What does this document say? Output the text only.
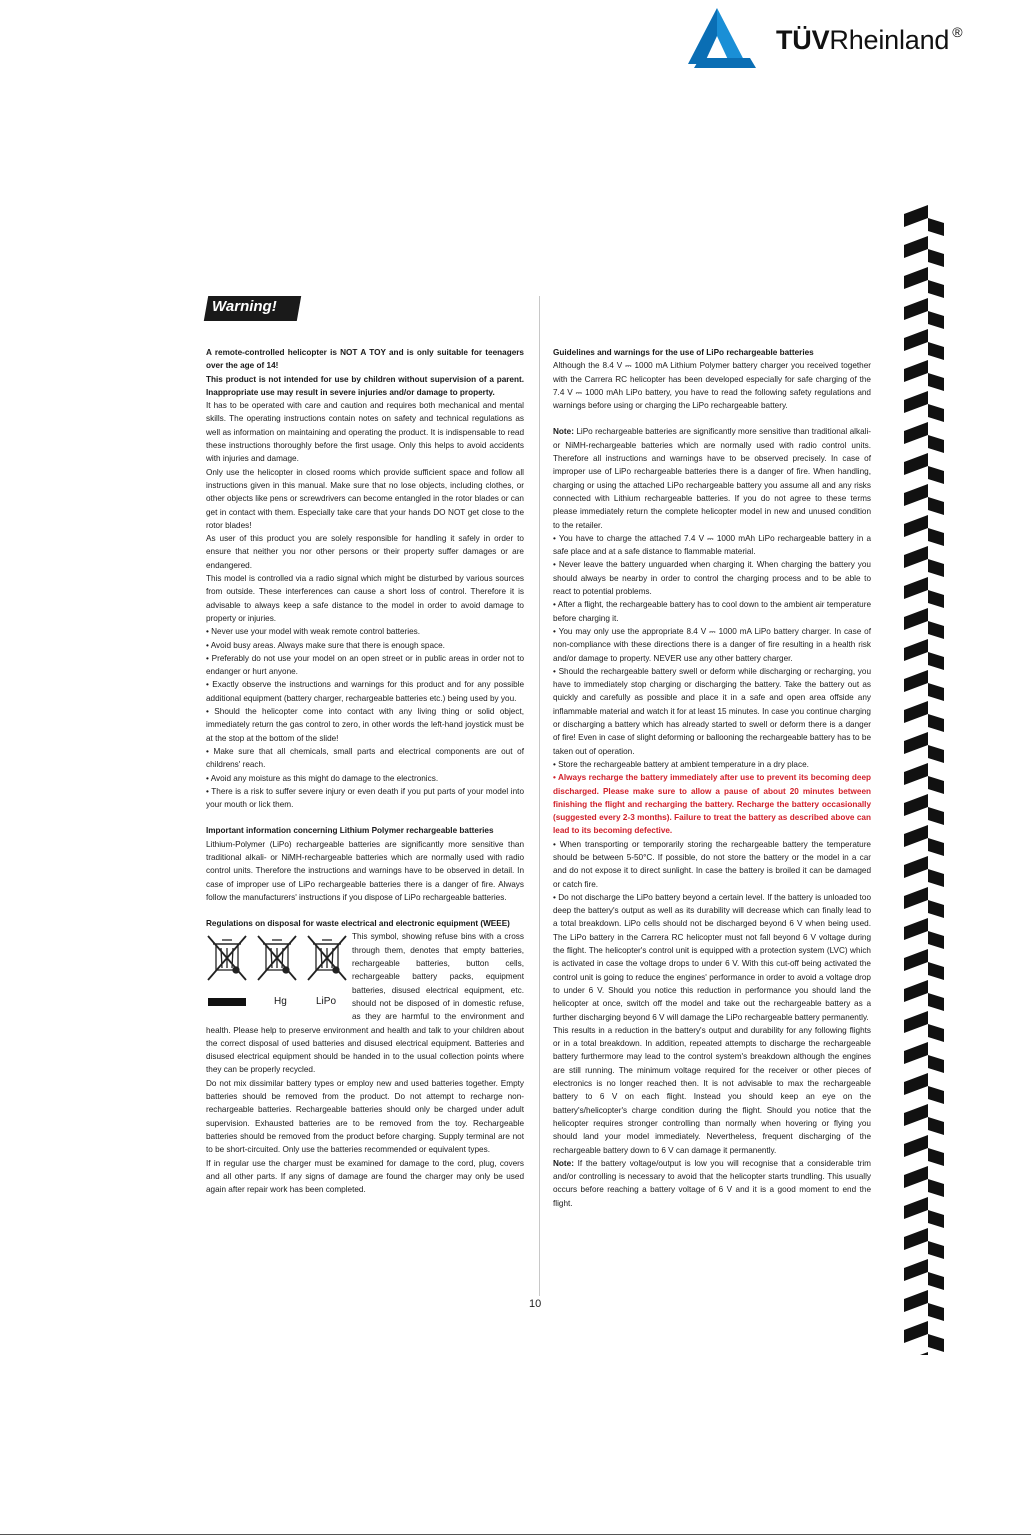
TÜVRheinland ®
Warning!

A remote-controlled helicopter is NOT A TOY and is only suitable for teenagers over the age of 14!

This product is not intended for use by children without supervision of a parent. Inappropriate use may result in severe injuries and/or damage to property.

It has to be operated with care and caution and requires both mechanical and mental skills. The operating instructions contain notes on safety and technical regulations as well as information on maintaining and operating the product. It is indispensable to read these instructions thoroughly before the first usage. Only this helps to avoid accidents with injuries and damage.

Only use the helicopter in closed rooms which provide sufficient space and follow all instructions given in this manual. Make sure that no lose objects, including clothes, or other objects like pens or screwdrivers can become entangled in the rotor blades or can get in contact with them. Especially take care that your hands DO NOT get close to the rotor blades!

As user of this product you are solely responsible for handling it safely in order to ensure that neither you nor other persons or their property suffer damages or are endangered.

This model is controlled via a radio signal which might be disturbed by various sources from outside. These interferences can cause a short loss of control. Therefore it is advisable to always keep a safe distance to the model in order to avoid damage to property or injuries.

• Never use your model with weak remote control batteries.

• Avoid busy areas. Always make sure that there is enough space.

• Preferably do not use your model on an open street or in public areas in order not to endanger or hurt anyone.

• Exactly observe the instructions and warnings for this product and for any possible additional equipment (battery charger, rechargeable batteries etc.) being used by you.

• Should the helicopter come into contact with any living thing or solid object, immediately return the gas control to zero, in other words the left-hand joystick must be at the stop at the bottom of the slide!

• Make sure that all chemicals, small parts and electrical components are out of childrens' reach.

• Avoid any moisture as this might do damage to the electronics.

• There is a risk to suffer severe injury or even death if you put parts of your model into your mouth or lick them.

Important information concerning Lithium Polymer rechargeable batteries

Lithium-Polymer (LiPo) rechargeable batteries are significantly more sensitive than traditional alkali- or NiMH-rechargeable batteries which are normally used with radio control units. Therefore the instructions and warnings have to be observed in detail. In case of improper use of LiPo rechargeable batteries there is a danger of fire. Always follow the manufacturers' instructions if you dispose of LiPo rechargeable batteries.

Regulations on disposal for waste electrical and electronic equipment (WEEE)

Hg	LiPo

This symbol, showing refuse bins with a cross through them, denotes that empty batteries, rechargeable batteries, button cells, rechargeable battery packs, equipment batteries, disused electrical equipment, etc. should not be disposed of in domestic refuse, as they are harmful to the environment and health. Please help to preserve environment and health and talk to your children about the correct disposal of used batteries and disused electrical equipment. Batteries and disused electrical equipment should be handed in to the usual collection points where they can be properly recycled.

Do not mix dissimilar battery types or employ new and used batteries together. Empty batteries should be removed from the product. Do not attempt to recharge non-rechargeable batteries. Rechargeable batteries should only be charged under adult supervision. Exhausted batteries are to be removed from the toy. Rechargeable batteries should be removed from the product before charging. Supply terminal are not to be short-circuited. Only use the batteries recommended or equivalent types.

If in regular use the charger must be examined for damage to the cord, plug, covers and all other parts. If any signs of damage are found the charger may only be used again after repair work has been completed.

Guidelines and warnings for the use of LiPo rechargeable batteries

Although the 8.4 V ⎓ 1000 mA Lithium Polymer battery charger you received together with the Carrera RC helicopter has been developed especially for safe charging of the 7.4 V ⎓ 1000 mAh LiPo battery, you have to read the following safety regulations and warnings before using or charging the LiPo rechargeable battery.

Note: LiPo rechargeable batteries are significantly more sensitive than traditional alkali- or NiMH-rechargeable batteries which are normally used with radio control units. Therefore all instructions and warnings have to be observed precisely. In case of improper use of LiPo rechargeable batteries there is a danger of fire. When handling, charging or using the attached LiPo rechargeable battery you assume all and any risks connected with Lithium rechargeable batteries. If you do not agree to these terms please immediately return the complete helicopter model in new and unused condition to the retailer.

• You have to charge the attached 7.4 V ⎓ 1000 mAh LiPo rechargeable battery in a safe place and at a safe distance to flammable material.

• Never leave the battery unguarded when charging it. When charging the battery you should always be nearby in order to control the charging process and to be able to react to potential problems.

• After a flight, the rechargeable battery has to cool down to the ambient air temperature before charging it.

• You may only use the appropriate 8.4 V ⎓ 1000 mA LiPo battery charger. In case of non-compliance with these directions there is a danger of fire resulting in a health risk and/or damage to property. NEVER use any other battery charger.

• Should the rechargeable battery swell or deform while discharging or recharging, you have to immediately stop charging or discharging the battery. Take the battery out as quickly and carefully as possible and place it in a safe and open area offside any inflammable material and watch it for at least 15 minutes. In case you continue charging or discharging a battery which has already started to swell or deform there is a danger of fire! Even in case of slight deforming or ballooning the rechargeable battery has to be taken out of operation.

• Store the rechargeable battery at ambient temperature in a dry place.

• Always recharge the battery immediately after use to prevent its becoming deep discharged. Please make sure to allow a pause of about 20 minutes between finishing the flight and recharging the battery. Recharge the battery occasionally (suggested every 2-3 months). Failure to treat the battery as described above can lead to its becoming defective.

• When transporting or temporarily storing the rechargeable battery the temperature should be between 5-50°C. If possible, do not store the battery or the model in a car and do not expose it to direct sunlight. In case the battery is broiled it can be damaged or catch fire.

• Do not discharge the LiPo battery beyond a certain level. If the battery is unloaded too deep the battery's output as well as its durability will decrease which can finally lead to a total breakdown. LiPo cells should not be discharged beyond 6 V when being used. The LiPo battery in the Carrera RC helicopter must not fall beyond 6 V voltage during the flight. The helicopter's control unit is equipped with a protection system (LVC) which is activated in case the voltage drops to under 6 V. With this cut-off being activated the control unit is going to reduce the engines' performance in order to avoid a voltage drop to under 6 V. Should you notice this reduction in performance you should land the helicopter at once, switch off the model and take out the rechargeable battery as a further discharging beyond 6 V will damage the LiPo rechargeable battery permanently.

This results in a reduction in the battery's output and durability for any following flights or in a total breakdown. In addition, repeated attempts to discharge the rechargeable battery furthermore may lead to the control system's breakdown although the engines are still running. The minimum voltage required for the receiver or other pieces of electronics is no longer reached then. It is not advisable to max the rechargeable battery to 6 V on each flight. Instead you should keep an eye on the battery's/helicopter's charge condition during the flight. Should you notice that the helicopter requires stronger controlling than normally when hovering or flying you should land your model immediately. Nevertheless, frequent discharging of the rechargeable battery down to 6 V can damage it permanently.

Note: If the battery voltage/output is low you will recognise that a considerable trim and/or controlling is necessary to avoid that the helicopter starts trundling. This usually occurs before reaching a battery voltage of 6 V and it is a good moment to end the flight.

10
